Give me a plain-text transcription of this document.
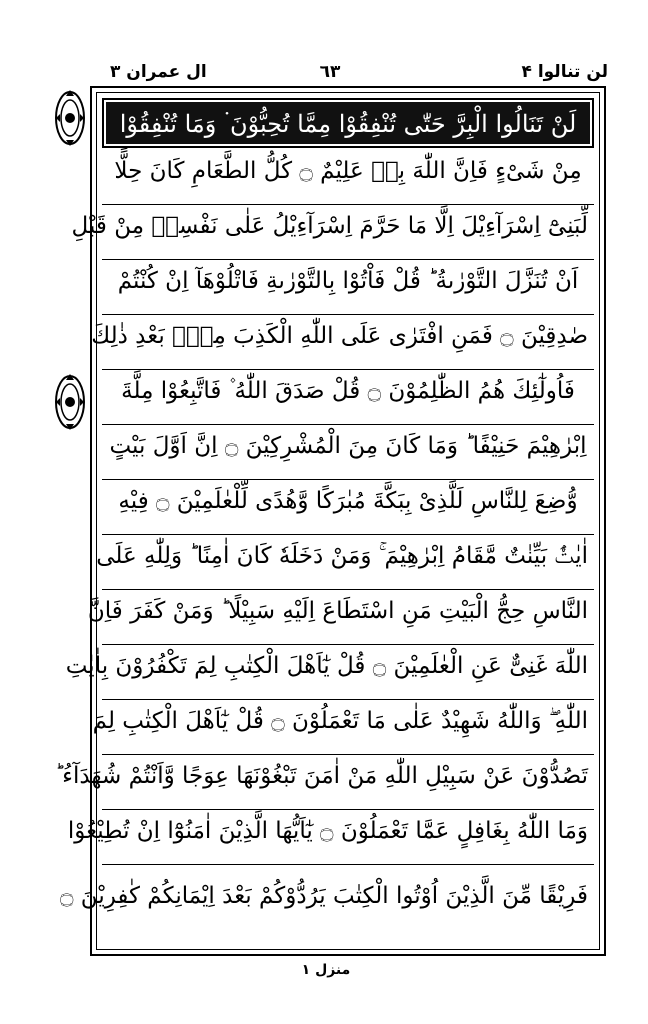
لن تنالوا ۴
٦٣
ال عمران ٣
لَنْ تَنَالُوا الْبِرَّ حَتّٰی تُنْفِقُوْا مِمَّا تُحِبُّوْنَ ۬ وَمَا تُنْفِقُوْا
مِنْ شَیْءٍ فَاِنَّ اللّٰهَ بِهٖ عَلِیْمٌ ۝ كُلُّ الطَّعَامِ كَانَ حِلًّا
لِّبَنِیْٓ اِسْرَآءِیْلَ اِلَّا مَا حَرَّمَ اِسْرَآءِیْلُ عَلٰی نَفْسِهٖ مِنْ قَبْلِ
اَنْ تُنَزَّلَ التَّوْرٰىةُ ؕ قُلْ فَاْتُوْا بِالتَّوْرٰىةِ فَاتْلُوْهَآ اِنْ كُنْتُمْ
صٰدِقِیْنَ ۝ فَمَنِ افْتَرٰی عَلَی اللّٰهِ الْكَذِبَ مِنْۢ بَعْدِ ذٰلِكَ
فَاُولٰٓئِكَ هُمُ الظّٰلِمُوْنَ ۝ قُلْ صَدَقَ اللّٰهُ ۫ فَاتَّبِعُوْا مِلَّةَ
اِبْرٰهِیْمَ حَنِیْفًا ؕ وَمَا كَانَ مِنَ الْمُشْرِكِیْنَ ۝ اِنَّ اَوَّلَ بَیْتٍ
وُّضِعَ لِلنَّاسِ لَلَّذِیْ بِبَكَّةَ مُبٰرَكًا وَّهُدًی لِّلْعٰلَمِیْنَ ۝ فِیْهِ
اٰیٰتٌۢ بَیِّنٰتٌ مَّقَامُ اِبْرٰهِیْمَ ۚ وَمَنْ دَخَلَهٗ كَانَ اٰمِنًا ؕ وَلِلّٰهِ عَلَی
النَّاسِ حِجُّ الْبَیْتِ مَنِ اسْتَطَاعَ اِلَیْهِ سَبِیْلًا ؕ وَمَنْ كَفَرَ فَاِنَّ
اللّٰهَ غَنِیٌّ عَنِ الْعٰلَمِیْنَ ۝ قُلْ یٰٓاَهْلَ الْكِتٰبِ لِمَ تَكْفُرُوْنَ بِاٰیٰتِ
اللّٰهِ ۖ وَاللّٰهُ شَهِیْدٌ عَلٰی مَا تَعْمَلُوْنَ ۝ قُلْ یٰٓاَهْلَ الْكِتٰبِ لِمَ
تَصُدُّوْنَ عَنْ سَبِیْلِ اللّٰهِ مَنْ اٰمَنَ تَبْغُوْنَهَا عِوَجًا وَّاَنْتُمْ شُهَدَآءُ ؕ
وَمَا اللّٰهُ بِغَافِلٍ عَمَّا تَعْمَلُوْنَ ۝ یٰٓاَیُّهَا الَّذِیْنَ اٰمَنُوْٓا اِنْ تُطِیْعُوْا
فَرِیْقًا مِّنَ الَّذِیْنَ اُوْتُوا الْكِتٰبَ یَرُدُّوْكُمْ بَعْدَ اِیْمَانِكُمْ كٰفِرِیْنَ ۝
منزل ١
